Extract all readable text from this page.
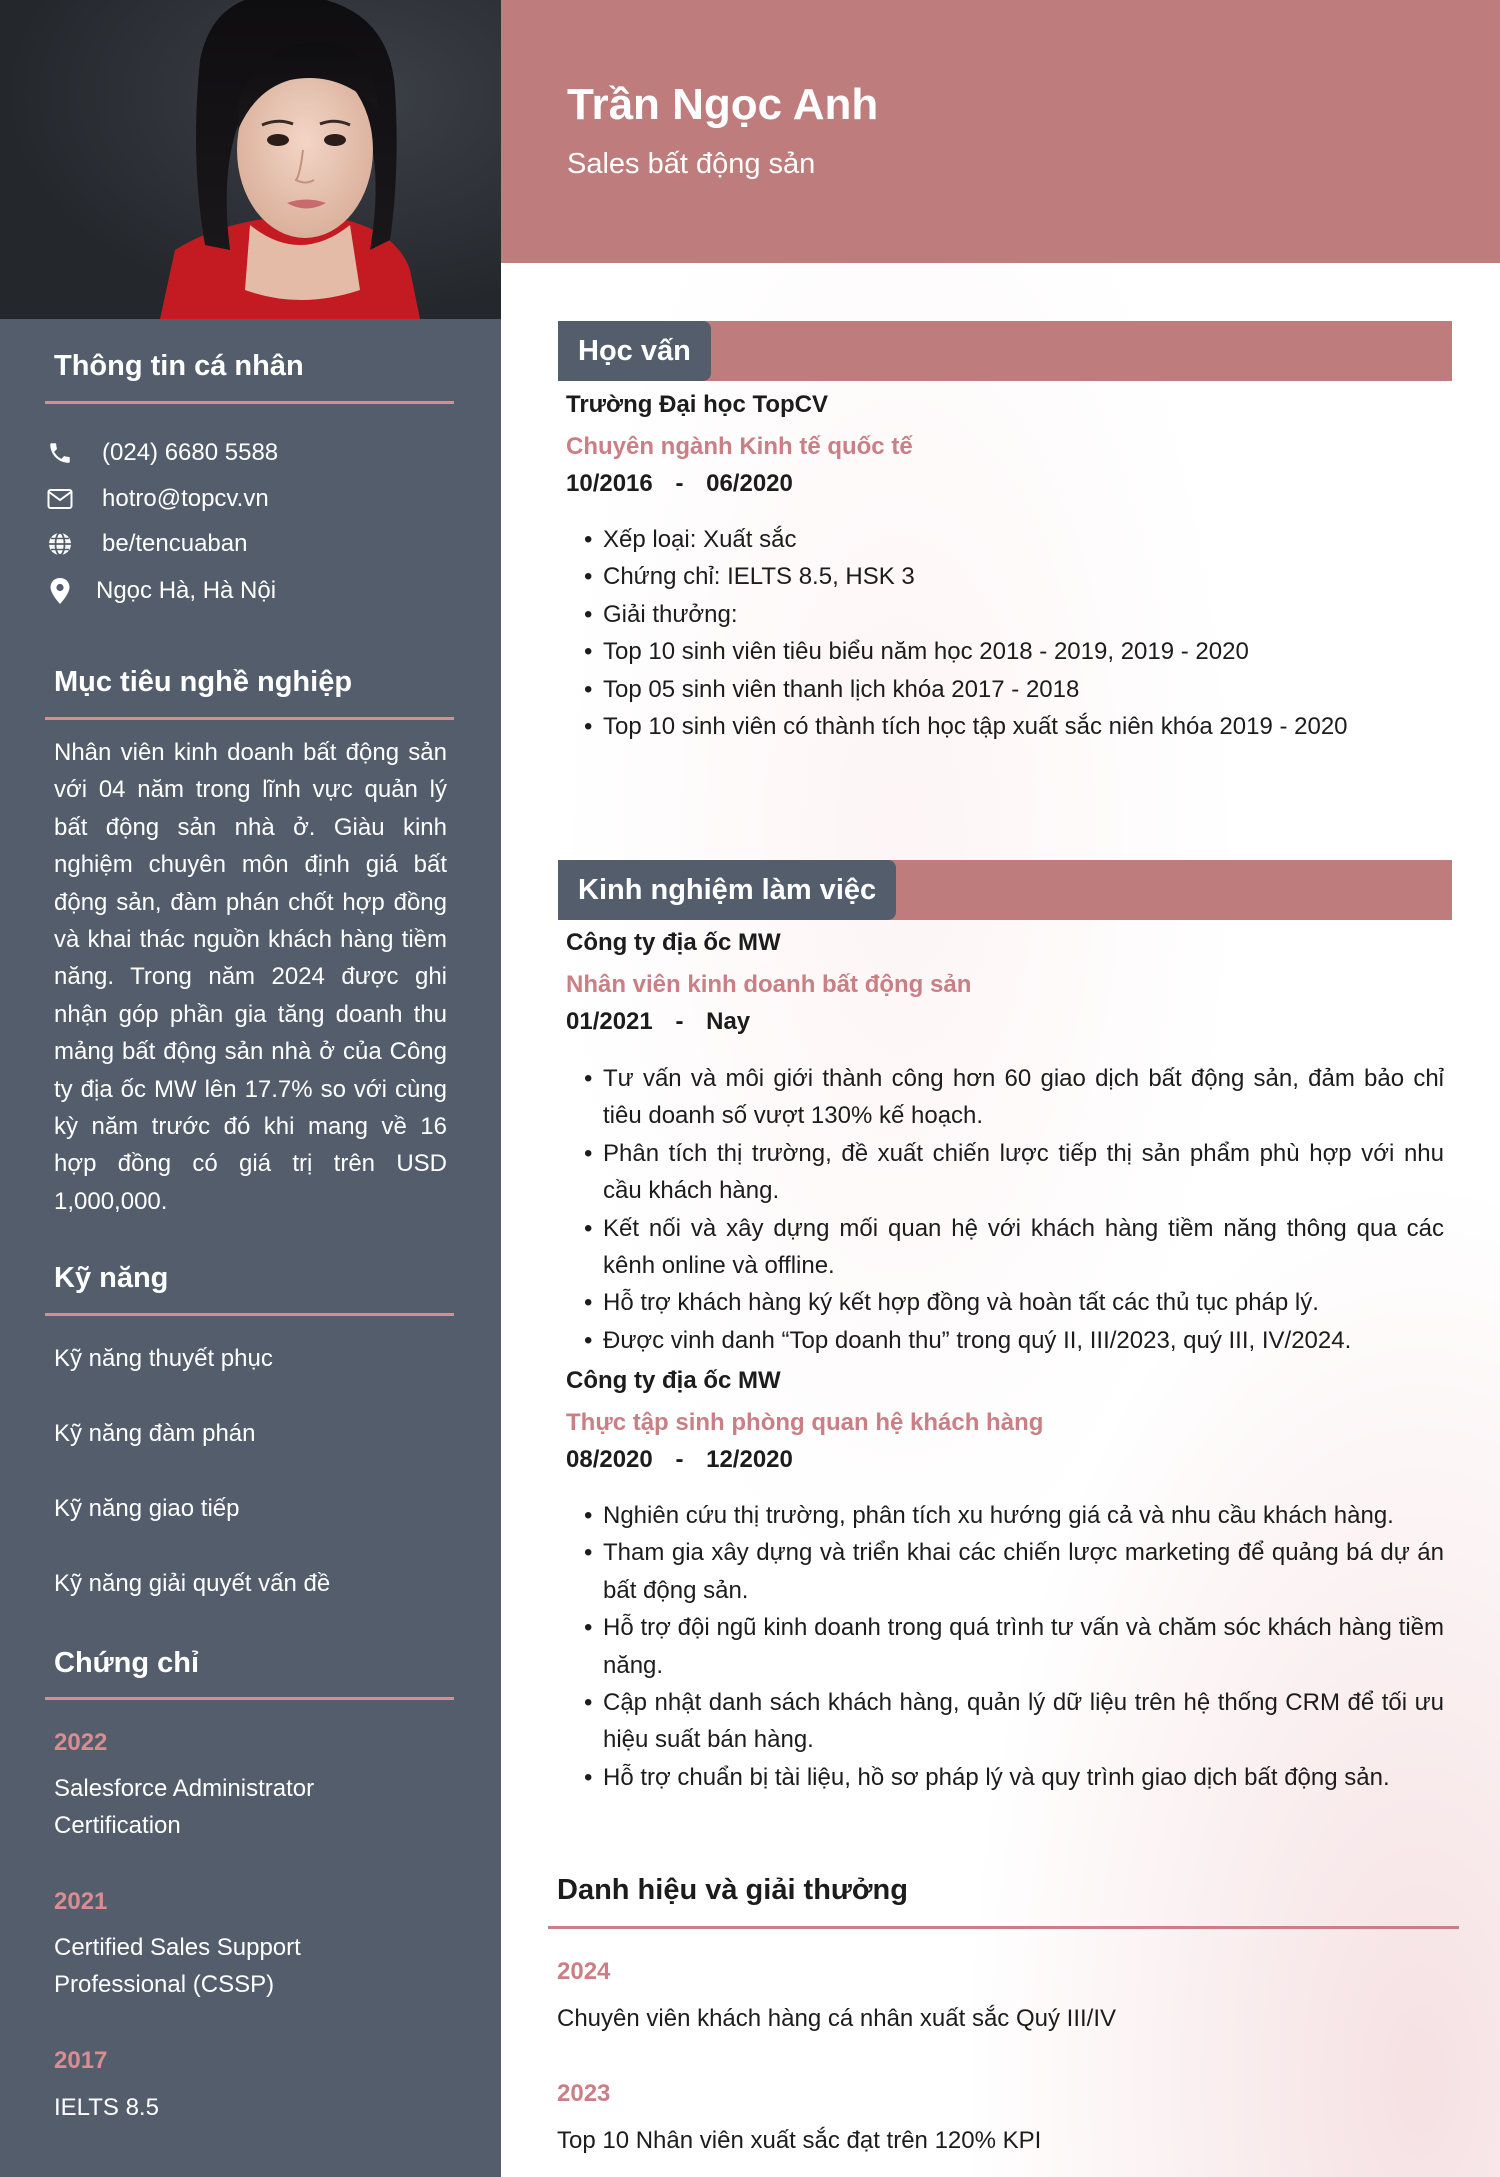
Thông tin cá nhân
(024) 6680 5588
hotro@topcv.vn
be/tencuaban
Ngọc Hà, Hà Nội
Mục tiêu nghề nghiệp
Nhân viên kinh doanh bất động sản với 04 năm trong lĩnh vực quản lý bất động sản nhà ở. Giàu kinh nghiệm chuyên môn định giá bất động sản, đàm phán chốt hợp đồng và khai thác nguồn khách hàng tiềm năng. Trong năm 2024 được ghi nhận góp phần gia tăng doanh thu mảng bất động sản nhà ở của Công ty địa ốc MW lên 17.7% so với cùng kỳ năm trước đó khi mang về 16 hợp đồng có giá trị trên USD 1,000,000.
Kỹ năng
Kỹ năng thuyết phục
Kỹ năng đàm phán
Kỹ năng giao tiếp
Kỹ năng giải quyết vấn đề
Chứng chỉ
2022
Salesforce Administrator Certification
2021
Certified Sales Support Professional (CSSP)
2017
IELTS 8.5
Trần Ngọc Anh
Sales bất động sản
Học vấn
Trường Đại học TopCV
Chuyên ngành Kinh tế quốc tế
10/2016 - 06/2020
• Xếp loại: Xuất sắc
• Chứng chỉ: IELTS 8.5, HSK 3
• Giải thưởng:
• Top 10 sinh viên tiêu biểu năm học 2018 - 2019, 2019 - 2020
• Top 05 sinh viên thanh lịch khóa 2017 - 2018
• Top 10 sinh viên có thành tích học tập xuất sắc niên khóa 2019 - 2020
Kinh nghiệm làm việc
Công ty địa ốc MW
Nhân viên kinh doanh bất động sản
01/2021 - Nay
• Tư vấn và môi giới thành công hơn 60 giao dịch bất động sản, đảm bảo chỉ tiêu doanh số vượt 130% kế hoạch.
• Phân tích thị trường, đề xuất chiến lược tiếp thị sản phẩm phù hợp với nhu cầu khách hàng.
• Kết nối và xây dựng mối quan hệ với khách hàng tiềm năng thông qua các kênh online và offline.
• Hỗ trợ khách hàng ký kết hợp đồng và hoàn tất các thủ tục pháp lý.
• Được vinh danh “Top doanh thu” trong quý II, III/2023, quý III, IV/2024.
Công ty địa ốc MW
Thực tập sinh phòng quan hệ khách hàng
08/2020 - 12/2020
• Nghiên cứu thị trường, phân tích xu hướng giá cả và nhu cầu khách hàng.
• Tham gia xây dựng và triển khai các chiến lược marketing để quảng bá dự án bất động sản.
• Hỗ trợ đội ngũ kinh doanh trong quá trình tư vấn và chăm sóc khách hàng tiềm năng.
• Cập nhật danh sách khách hàng, quản lý dữ liệu trên hệ thống CRM để tối ưu hiệu suất bán hàng.
• Hỗ trợ chuẩn bị tài liệu, hồ sơ pháp lý và quy trình giao dịch bất động sản.
Danh hiệu và giải thưởng
2024
Chuyên viên khách hàng cá nhân xuất sắc Quý III/IV
2023
Top 10 Nhân viên xuất sắc đạt trên 120% KPI
